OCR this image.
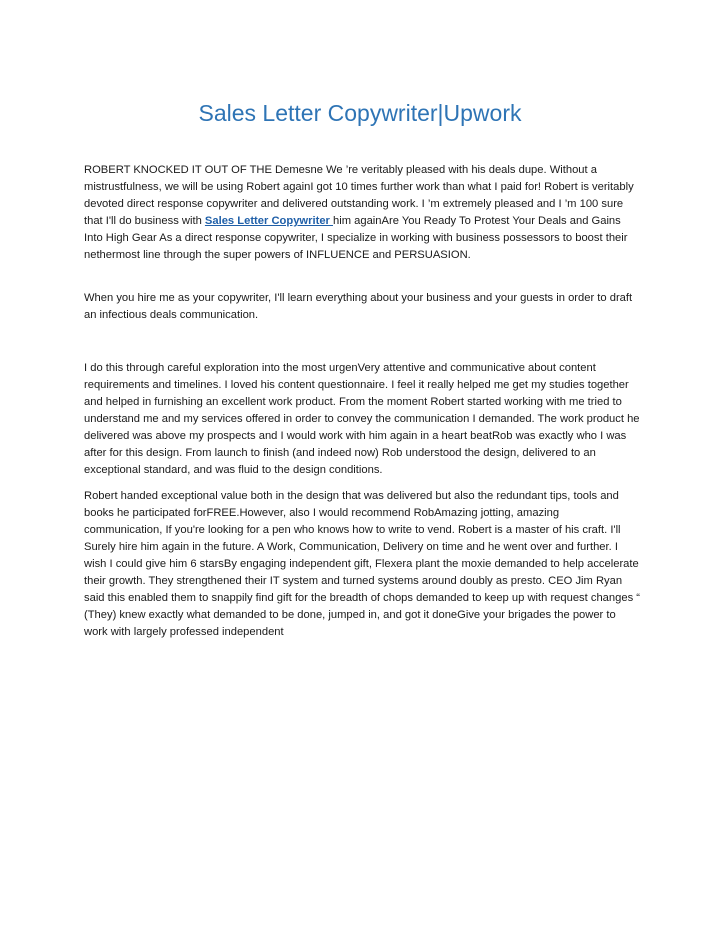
Sales Letter Copywriter|Upwork

ROBERT KNOCKED IT OUT OF THE Demesne We ’re veritably pleased with his deals dupe. Without a mistrustfulness, we will be using Robert againI got 10 times further work than what I paid for! Robert is veritably devoted direct response copywriter and delivered outstanding work. I ’m extremely pleased and I ’m 100 sure that I'll do business with Sales Letter Copywriter him againAre You Ready To Protest Your Deals and Gains Into High Gear As a direct response copywriter, I specialize in working with business possessors to boost their nethermost line through the super powers of INFLUENCE and PERSUASION.

When you hire me as your copywriter, I'll learn everything about your business and your guests in order to draft an infectious deals communication.

I do this through careful exploration into the most urgenVery attentive and communicative about content requirements and timelines. I loved his content questionnaire. I feel it really helped me get my studies together and helped in furnishing an excellent work product. From the moment Robert started working with me tried to understand me and my services offered in order to convey the communication I demanded. The work product he delivered was above my prospects and I would work with him again in a heart beatRob was exactly who I was after for this design. From launch to finish (and indeed now) Rob understood the design, delivered to an exceptional standard, and was fluid to the design conditions.

Robert handed exceptional value both in the design that was delivered but also the redundant tips, tools and books he participated forFREE.However, also I would recommend RobAmazing jotting, amazing communication, If you're looking for a pen who knows how to write to vend. Robert is a master of his craft. I'll Surely hire him again in the future. A Work, Communication, Delivery on time and he went over and further. I wish I could give him 6 starsBy engaging independent gift, Flexera plant the moxie demanded to help accelerate their growth. They strengthened their IT system and turned systems around doubly as presto. CEO Jim Ryan said this enabled them to snappily find gift for the breadth of chops demanded to keep up with request changes “ (They) knew exactly what demanded to be done, jumped in, and got it doneGive your brigades the power to work with largely professed independent
